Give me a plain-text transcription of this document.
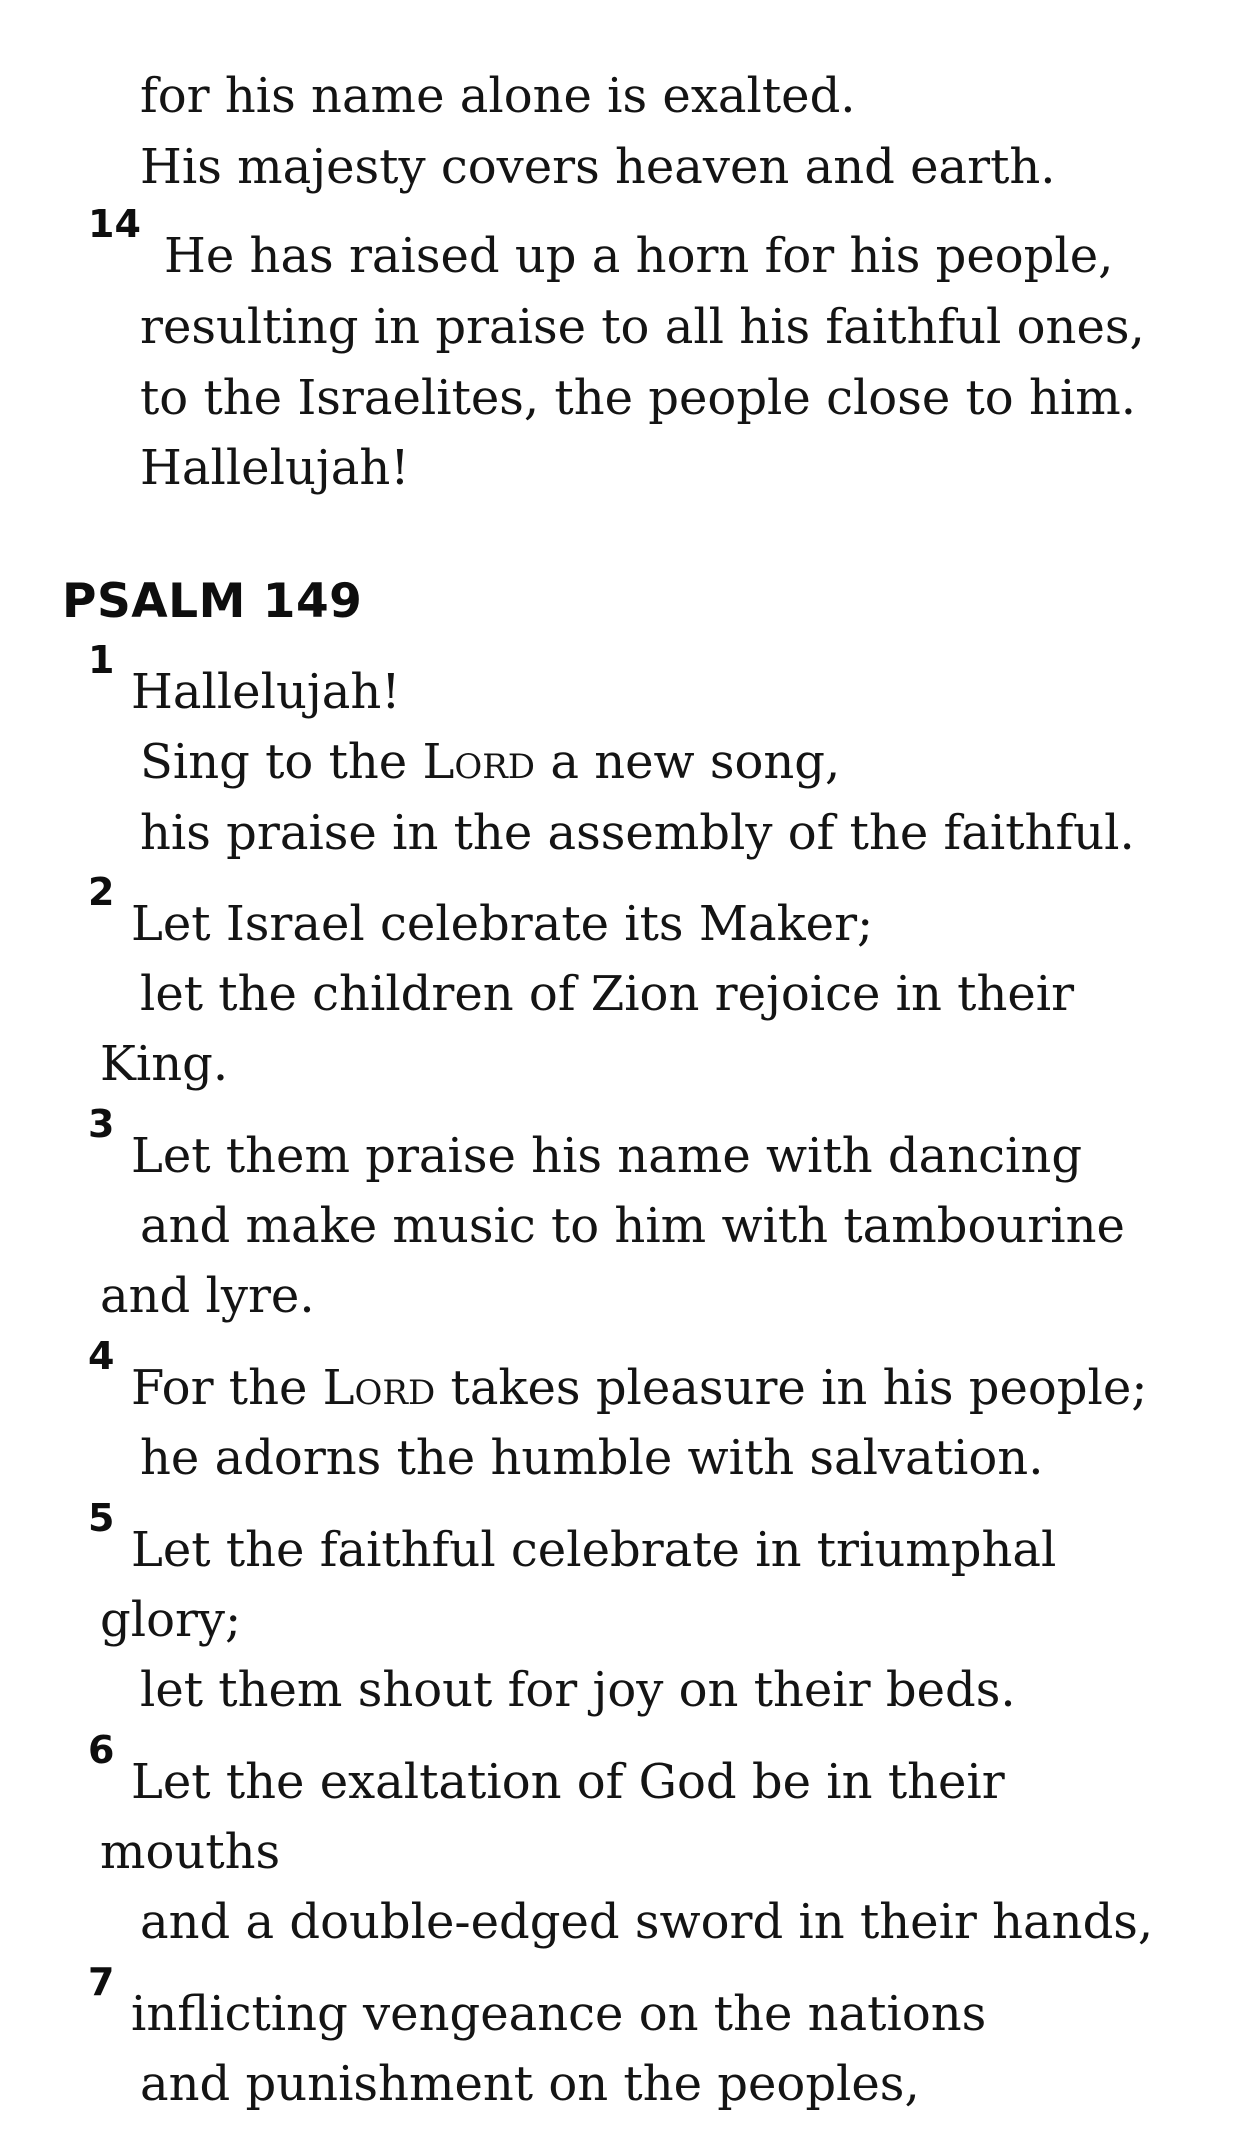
for his name alone is exalted.
His majesty covers heaven and earth.
14
He has raised up a horn for his people,
resulting in praise to all his faithful ones,
to the Israelites, the people close to him.
Hallelujah!
PSALM 149
1
Hallelujah!
Sing to the Lord a new song,
his praise in the assembly of the faithful.
2
Let Israel celebrate its Maker;
let the children of Zion rejoice in their
King.
3
Let them praise his name with dancing
and make music to him with tambourine
and lyre.
4
For the Lord takes pleasure in his people;
he adorns the humble with salvation.
5
Let the faithful celebrate in triumphal
glory;
let them shout for joy on their beds.
6
Let the exaltation of God be in their
mouths
and a double-edged sword in their hands,
7
inflicting vengeance on the nations
and punishment on the peoples,
